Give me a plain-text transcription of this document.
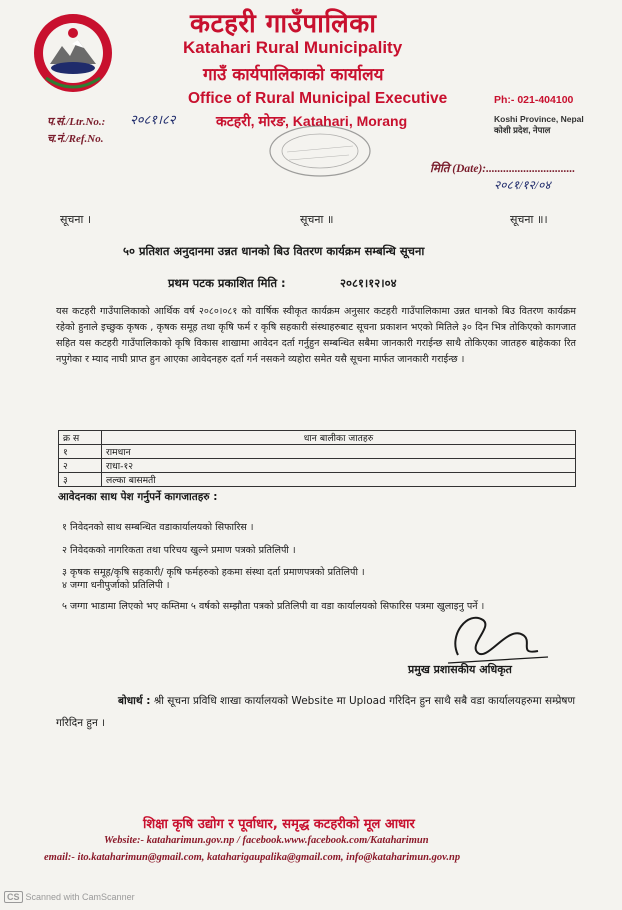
कटहरी गाउँपालिका
Katahari Rural Municipality
गाउँ कार्यपालिकाको कार्यालय
Office of Rural Municipal Executive
कटहरी, मोरङ, Katahari, Morang
Ph:- 021-404100
Koshi Province, Nepal
कोशी प्रदेश, नेपाल
प.सं./Ltr.No.: २०८१।८२
च.नं./Ref.No.
मिति (Date):...............................
२०८१/१२/०४
सूचना ।	सूचना ॥	सूचना ॥।
५० प्रतिशत अनुदानमा उन्नत धानको बिउ वितरण कार्यक्रम सम्बन्धि सूचना
प्रथम पटक प्रकाशित मिति :	२०८१।१२।०४
यस कटहरी गाउँपालिकाको आर्थिक वर्ष २०८०।०८१ को वार्षिक स्वीकृत कार्यक्रम अनुसार कटहरी गाउँपालिकामा उन्नत धानको बिउ वितरण कार्यक्रम रहेको हुनाले इच्छुक कृषक , कृषक समूह तथा कृषि फर्म र कृषि सहकारी संस्थाहरुबाट सूचना प्रकाशन भएको मितिले ३० दिन भित्र तोकिएको कागजात सहित यस कटहरी गाउँपालिकाको कृषि विकास शाखामा आवेदन दर्ता गर्नुहुन सम्बन्धित सबैमा जानकारी गराईन्छ साथै तोकिएका जातहरु बाहेकका रित नपुगेका र म्याद नाघी प्राप्त हुन आएका आवेदनहरु दर्ता गर्न नसकने व्यहोरा समेत यसै सूचना मार्फत जानकारी गराईन्छ ।
क्र स	धान बालीका जातहरु
१	रामधान
२	राधा-१२
३	लल्का बासमती
आवेदनका साथ पेश गर्नुपर्ने कागजातहरु :
१ निवेदनको साथ सम्बन्धित वडाकार्यालयको सिफारिस ।
२ निवेदकको नागरिकता तथा परिचय खुल्ने प्रमाण पत्रको प्रतिलिपी ।
३ कृषक समूह/कृषि सहकारी/ कृषि फर्महरुको हकमा संस्था दर्ता प्रमाणपत्रको प्रतिलिपी ।
४ जग्गा धनीपुर्जाको प्रतिलिपी ।
५ जग्गा भाडामा लिएको भए कम्तिमा ५ वर्षको सम्झौता पत्रको प्रतिलिपी वा वडा कार्यालयको सिफारिस पत्रमा खुलाइनु पर्ने ।
प्रमुख प्रशासकीय अधिकृत
बोधार्थ : श्री सूचना प्रविधि शाखा कार्यालयको Website मा Upload गरिदिन हुन साथै सबै वडा कार्यालयहरुमा सम्प्रेषण गरिदिन हुन ।
शिक्षा कृषि उद्योग र पूर्वाधार, समृद्ध कटहरीको मूल आधार
Website:- kataharimun.gov.np / facebook.www.facebook.com/Kataharimun
email:- ito.kataharimun@gmail.com, kataharigaupalika@gmail.com, info@kataharimun.gov.np
CS Scanned with CamScanner
